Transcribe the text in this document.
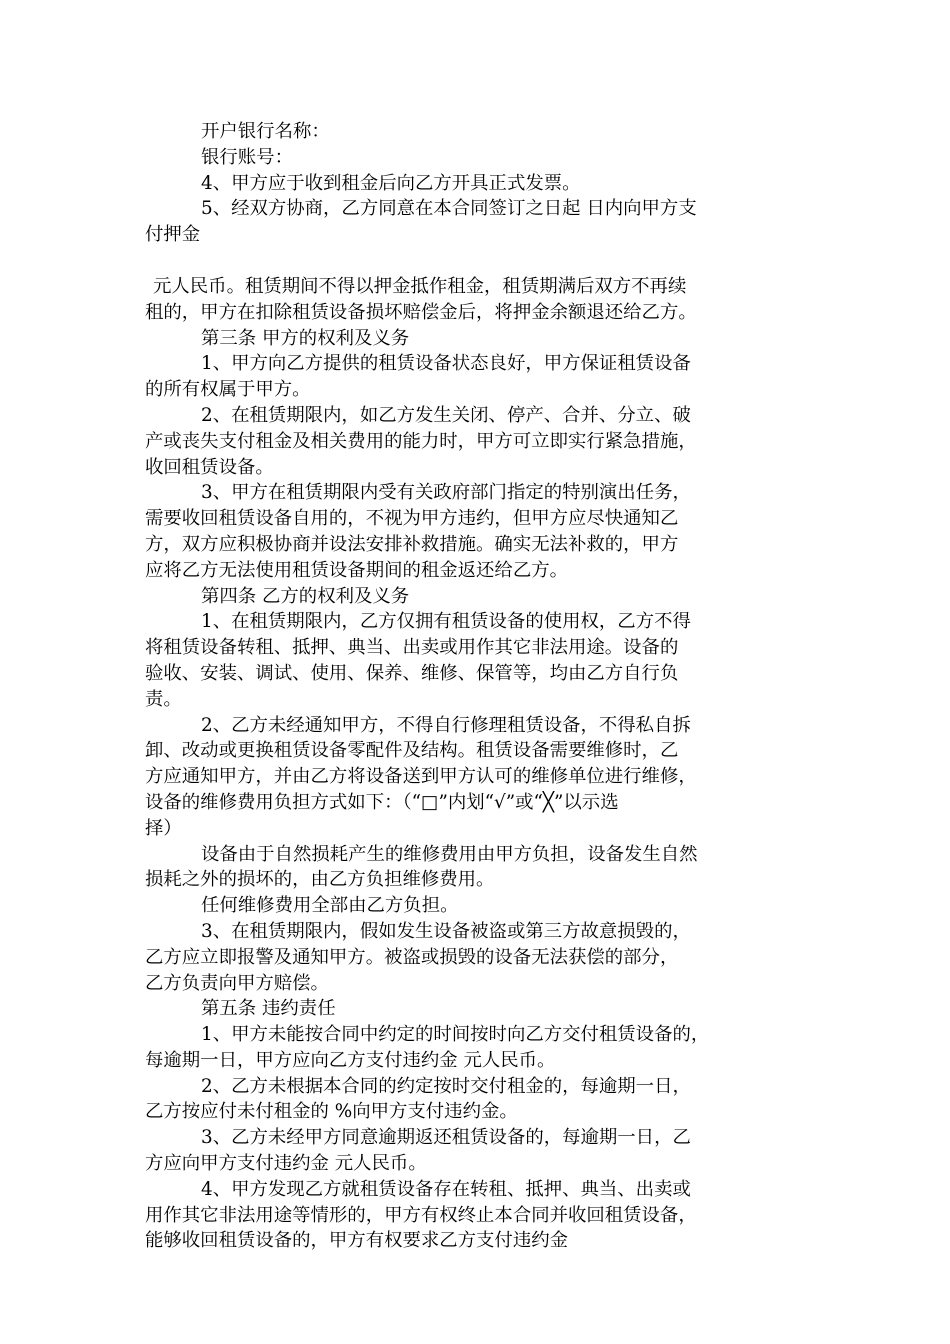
开户银行名称：
银行账号：
4、甲方应于收到租金后向乙方开具正式发票。
5、经双方协商，乙方同意在本合同签订之日起 日内向甲方支
付押金
元人民币。租赁期间不得以押金抵作租金，租赁期满后双方不再续
租的，甲方在扣除租赁设备损坏赔偿金后，将押金余额退还给乙方。
第三条 甲方的权利及义务
1、甲方向乙方提供的租赁设备状态良好，甲方保证租赁设备
的所有权属于甲方。
2、在租赁期限内，如乙方发生关闭、停产、合并、分立、破
产或丧失支付租金及相关费用的能力时，甲方可立即实行紧急措施，
收回租赁设备。
3、甲方在租赁期限内受有关政府部门指定的特别演出任务，
需要收回租赁设备自用的，不视为甲方违约，但甲方应尽快通知乙
方，双方应积极协商并设法安排补救措施。确实无法补救的，甲方
应将乙方无法使用租赁设备期间的租金返还给乙方。
第四条 乙方的权利及义务
1、在租赁期限内，乙方仅拥有租赁设备的使用权，乙方不得
将租赁设备转租、抵押、典当、出卖或用作其它非法用途。设备的
验收、安装、调试、使用、保养、维修、保管等，均由乙方自行负
责。
2、乙方未经通知甲方，不得自行修理租赁设备，不得私自拆
卸、改动或更换租赁设备零配件及结构。租赁设备需要维修时，乙
方应通知甲方，并由乙方将设备送到甲方认可的维修单位进行维修，
设备的维修费用负担方式如下：（“□”内划“√”或“╳”以示选
择）
设备由于自然损耗产生的维修费用由甲方负担，设备发生自然
损耗之外的损坏的，由乙方负担维修费用。
任何维修费用全部由乙方负担。
3、在租赁期限内，假如发生设备被盗或第三方故意损毁的，
乙方应立即报警及通知甲方。被盗或损毁的设备无法获偿的部分，
乙方负责向甲方赔偿。
第五条 违约责任
1、甲方未能按合同中约定的时间按时向乙方交付租赁设备的，
每逾期一日，甲方应向乙方支付违约金 元人民币。
2、乙方未根据本合同的约定按时交付租金的，每逾期一日，
乙方按应付未付租金的 %向甲方支付违约金。
3、乙方未经甲方同意逾期返还租赁设备的，每逾期一日，乙
方应向甲方支付违约金 元人民币。
4、甲方发现乙方就租赁设备存在转租、抵押、典当、出卖或
用作其它非法用途等情形的，甲方有权终止本合同并收回租赁设备，
能够收回租赁设备的，甲方有权要求乙方支付违约金
